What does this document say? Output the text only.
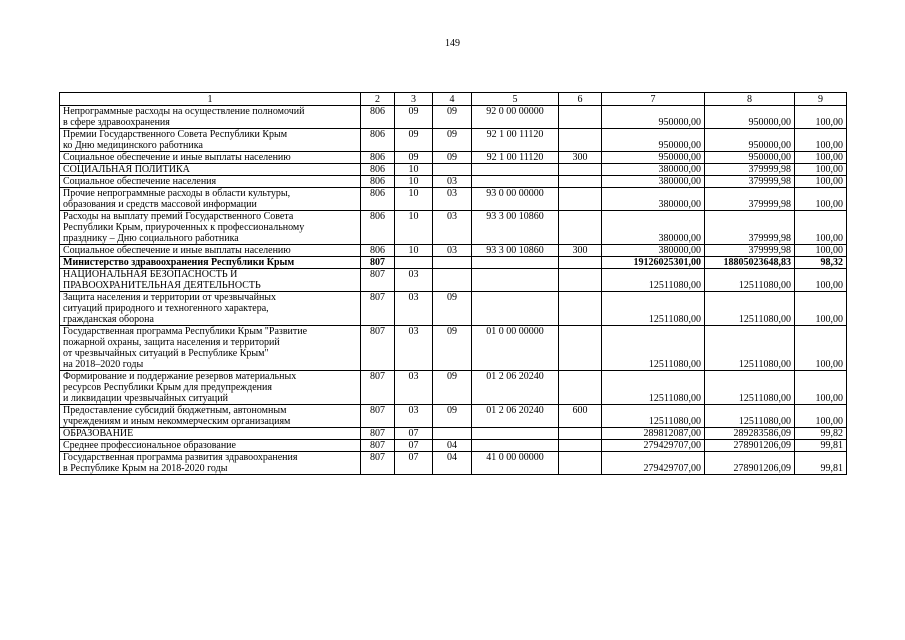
149
1	2	3	4	5	6	7	8	9

Непрограммные расходы на осуществление полномочий
в сфере здравоохранения	806	09	09	92 0 00 00000		950000,00	950000,00	100,00

Премии Государственного Совета Республики Крым
ко Дню медицинского работника	806	09	09	92 1 00 11120		950000,00	950000,00	100,00

Социальное обеспечение и иные выплаты населению	806	09	09	92 1 00 11120	300	950000,00	950000,00	100,00

СОЦИАЛЬНАЯ ПОЛИТИКА	806	10				380000,00	379999,98	100,00

Социальное обеспечение населения	806	10	03			380000,00	379999,98	100,00

Прочие непрограммные расходы в области культуры,
образования и средств массовой информации	806	10	03	93 0 00 00000		380000,00	379999,98	100,00

Расходы на выплату премий Государственного Совета
Республики Крым, приуроченных к профессиональному
празднику – Дню социального работника	806	10	03	93 3 00 10860		380000,00	379999,98	100,00

Социальное обеспечение и иные выплаты населению	806	10	03	93 3 00 10860	300	380000,00	379999,98	100,00

Министерство здравоохранения Республики Крым	807					19126025301,00	18805023648,83	98,32

НАЦИОНАЛЬНАЯ БЕЗОПАСНОСТЬ И
ПРАВООХРАНИТЕЛЬНАЯ ДЕЯТЕЛЬНОСТЬ	807	03				12511080,00	12511080,00	100,00

Защита населения и территории от чрезвычайных
ситуаций природного и техногенного характера,
гражданская оборона	807	03	09			12511080,00	12511080,00	100,00

Государственная программа Республики Крым "Развитие
пожарной охраны, защита населения и территорий
от чрезвычайных ситуаций в Республике Крым"
на 2018–2020 годы	807	03	09	01 0 00 00000		12511080,00	12511080,00	100,00

Формирование и поддержание резервов материальных
ресурсов Республики Крым для предупреждения
и ликвидации чрезвычайных ситуаций	807	03	09	01 2 06 20240		12511080,00	12511080,00	100,00

Предоставление субсидий бюджетным, автономным
учреждениям и иным некоммерческим организациям	807	03	09	01 2 06 20240	600	12511080,00	12511080,00	100,00

ОБРАЗОВАНИЕ	807	07				289812087,00	289283586,09	99,82

Среднее профессиональное образование	807	07	04			279429707,00	278901206,09	99,81

Государственная программа развития здравоохранения
в Республике Крым на 2018-2020 годы	807	07	04	41 0 00 00000		279429707,00	278901206,09	99,81
